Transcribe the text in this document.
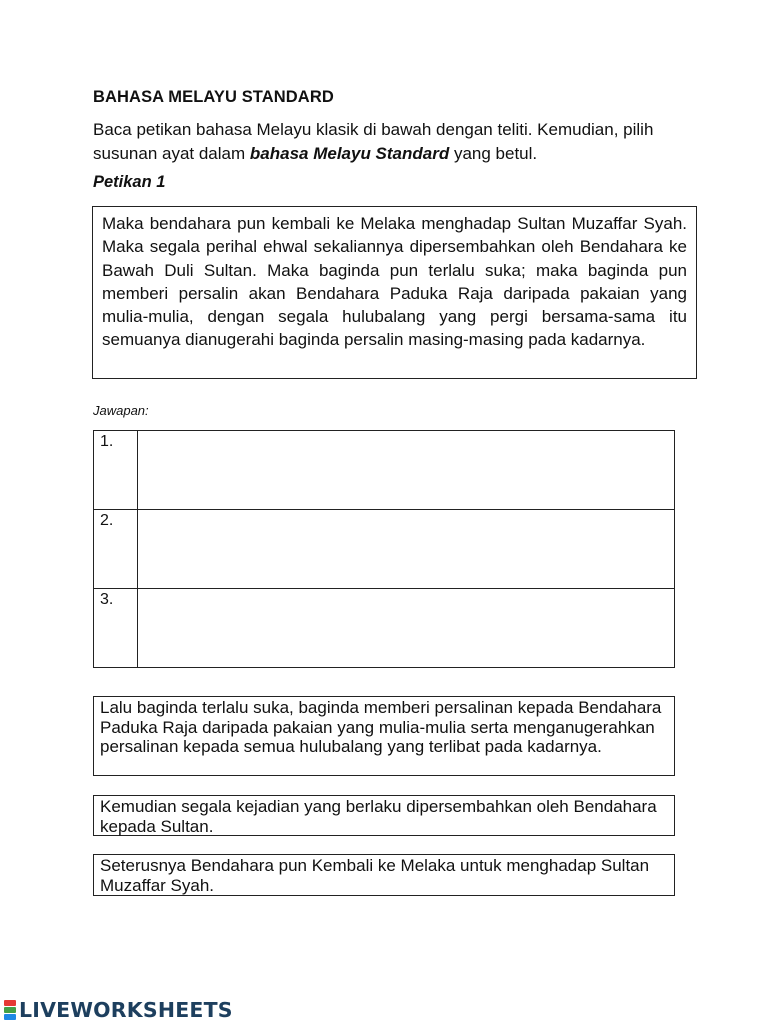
BAHASA MELAYU STANDARD
Baca petikan bahasa Melayu klasik di bawah dengan teliti. Kemudian, pilih susunan ayat dalam bahasa Melayu Standard yang betul.
Petikan 1
Maka bendahara pun kembali ke Melaka menghadap Sultan Muzaffar Syah. Maka segala perihal ehwal sekaliannya dipersembahkan oleh Bendahara ke Bawah Duli Sultan. Maka baginda pun terlalu suka; maka baginda pun memberi persalin akan Bendahara Paduka Raja daripada pakaian yang mulia-mulia, dengan segala hulubalang yang pergi bersama-sama itu semuanya dianugerahi baginda persalin masing-masing pada kadarnya.
Jawapan:
1.	
2.	
3.	
Lalu baginda terlalu suka, baginda memberi persalinan kepada Bendahara Paduka Raja daripada pakaian yang mulia-mulia serta menganugerahkan persalinan kepada semua hulubalang yang terlibat pada kadarnya.
Kemudian segala kejadian yang berlaku dipersembahkan oleh Bendahara kepada Sultan.
Seterusnya Bendahara pun Kembali ke Melaka untuk menghadap Sultan Muzaffar Syah.
LIVEWORKSHEETS
